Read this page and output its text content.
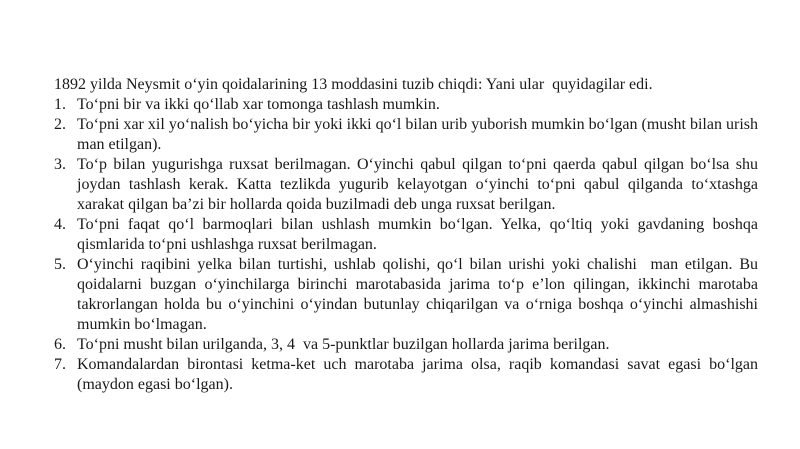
1892 yilda Neysmit o‘yin qoidalarining 13 moddasini tuzib chiqdi: Yani ular  quyidagilar edi.

1. To‘pni bir va ikki qo‘llab xar tomonga tashlash mumkin.
2. To‘pni xar xil yo‘nalish bo‘yicha bir yoki ikki qo‘l bilan urib yuborish mumkin bo‘lgan (musht bilan urish man etilgan).
3. To‘p bilan yugurishga ruxsat berilmagan. O‘yinchi qabul qilgan to‘pni qaerda qabul qilgan bo‘lsa shu joydan tashlash kerak. Katta tezlikda yugurib kelayotgan o‘yinchi to‘pni qabul qilganda to‘xtashga xarakat qilgan ba’zi bir hollarda qoida buzilmadi deb unga ruxsat berilgan.
4. To‘pni faqat qo‘l barmoqlari bilan ushlash mumkin bo‘lgan. Yelka, qo‘ltiq yoki gavdaning boshqa qismlarida to‘pni ushlashga ruxsat berilmagan.
5. O‘yinchi raqibini yelka bilan turtishi, ushlab qolishi, qo‘l bilan urishi yoki chalishi  man etilgan. Bu qoidalarni buzgan o‘yinchilarga birinchi marotabasida jarima to‘p e’lon qilingan, ikkinchi marotaba takrorlangan holda bu o‘yinchini o‘yindan butunlay chiqarilgan va o‘rniga boshqa o‘yinchi almashishi mumkin bo‘lmagan.
6. To‘pni musht bilan urilganda, 3, 4  va 5-punktlar buzilgan hollarda jarima berilgan.
7. Komandalardan birontasi ketma-ket uch marotaba jarima olsa, raqib komandasi savat egasi bo‘lgan (maydon egasi bo‘lgan).
